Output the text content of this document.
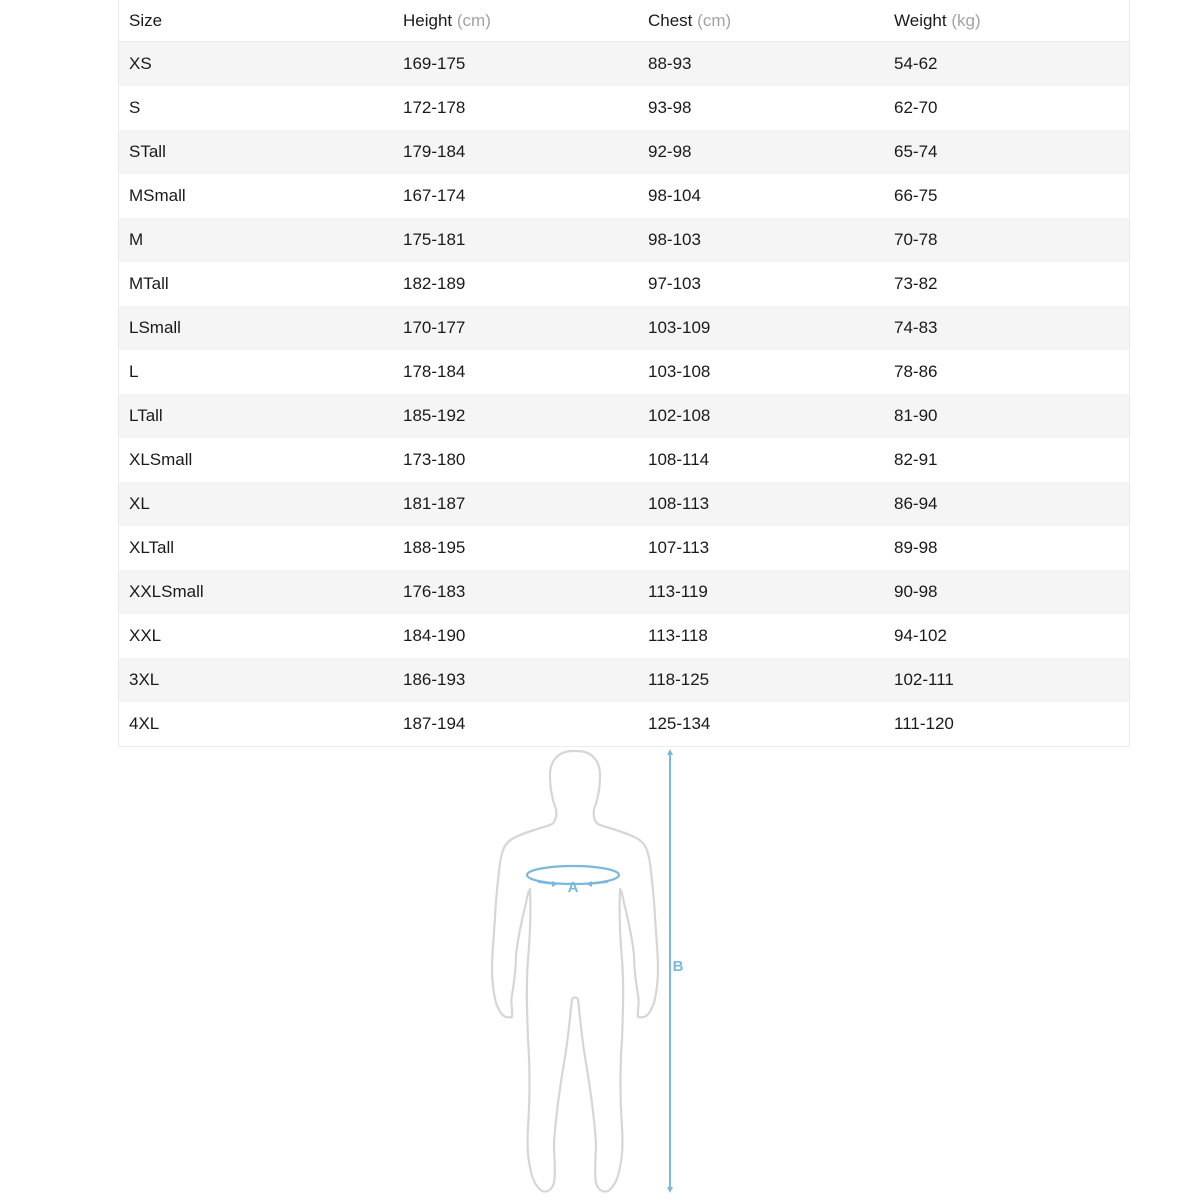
Size	Height (cm)	Chest (cm)	Weight (kg)
XS	169-175	88-93	54-62
S	172-178	93-98	62-70
STall	179-184	92-98	65-74
MSmall	167-174	98-104	66-75
M	175-181	98-103	70-78
MTall	182-189	97-103	73-82
LSmall	170-177	103-109	74-83
L	178-184	103-108	78-86
LTall	185-192	102-108	81-90
XLSmall	173-180	108-114	82-91
XL	181-187	108-113	86-94
XLTall	188-195	107-113	89-98
XXLSmall	176-183	113-119	90-98
XXL	184-190	113-118	94-102
3XL	186-193	118-125	102-111
4XL	187-194	125-134	111-120
A
B
